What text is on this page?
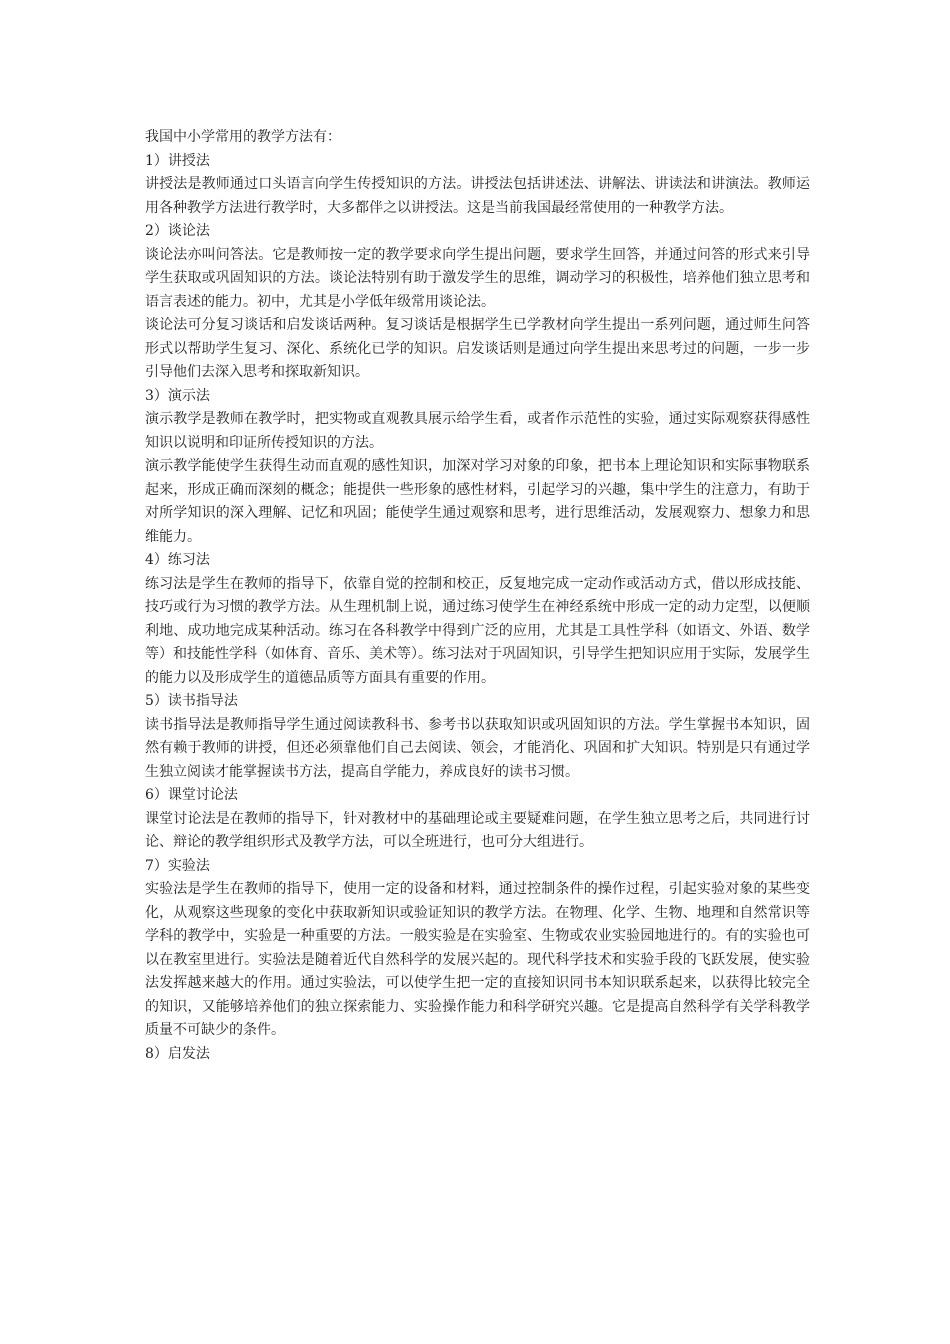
我国中小学常用的教学方法有：

1）讲授法

讲授法是教师通过口头语言向学生传授知识的方法。讲授法包括讲述法、讲解法、讲读法和讲演法。教师运用各种教学方法进行教学时，大多都伴之以讲授法。这是当前我国最经常使用的一种教学方法。

2）谈论法

谈论法亦叫问答法。它是教师按一定的教学要求向学生提出问题，要求学生回答，并通过问答的形式来引导学生获取或巩固知识的方法。谈论法特别有助于激发学生的思维，调动学习的积极性，培养他们独立思考和语言表述的能力。初中，尤其是小学低年级常用谈论法。

谈论法可分复习谈话和启发谈话两种。复习谈话是根据学生已学教材向学生提出一系列问题，通过师生问答形式以帮助学生复习、深化、系统化已学的知识。启发谈话则是通过向学生提出来思考过的问题，一步一步引导他们去深入思考和探取新知识。

3）演示法

演示教学是教师在教学时，把实物或直观教具展示给学生看，或者作示范性的实验，通过实际观察获得感性知识以说明和印证所传授知识的方法。

演示教学能使学生获得生动而直观的感性知识，加深对学习对象的印象，把书本上理论知识和实际事物联系起来，形成正确而深刻的概念；能提供一些形象的感性材料，引起学习的兴趣，集中学生的注意力，有助于对所学知识的深入理解、记忆和巩固；能使学生通过观察和思考，进行思维活动，发展观察力、想象力和思维能力。

4）练习法

练习法是学生在教师的指导下，依靠自觉的控制和校正，反复地完成一定动作或活动方式，借以形成技能、技巧或行为习惯的教学方法。从生理机制上说，通过练习使学生在神经系统中形成一定的动力定型，以便顺利地、成功地完成某种活动。练习在各科教学中得到广泛的应用，尤其是工具性学科（如语文、外语、数学等）和技能性学科（如体育、音乐、美术等）。练习法对于巩固知识，引导学生把知识应用于实际，发展学生的能力以及形成学生的道德品质等方面具有重要的作用。

5）读书指导法

读书指导法是教师指导学生通过阅读教科书、参考书以获取知识或巩固知识的方法。学生掌握书本知识，固然有赖于教师的讲授，但还必须靠他们自己去阅读、领会，才能消化、巩固和扩大知识。特别是只有通过学生独立阅读才能掌握读书方法，提高自学能力，养成良好的读书习惯。

6）课堂讨论法

课堂讨论法是在教师的指导下，针对教材中的基础理论或主要疑难问题，在学生独立思考之后，共同进行讨论、辩论的教学组织形式及教学方法，可以全班进行，也可分大组进行。

7）实验法

实验法是学生在教师的指导下，使用一定的设备和材料，通过控制条件的操作过程，引起实验对象的某些变化，从观察这些现象的变化中获取新知识或验证知识的教学方法。在物理、化学、生物、地理和自然常识等学科的教学中，实验是一种重要的方法。一般实验是在实验室、生物或农业实验园地进行的。有的实验也可以在教室里进行。实验法是随着近代自然科学的发展兴起的。现代科学技术和实验手段的飞跃发展，使实验法发挥越来越大的作用。通过实验法，可以使学生把一定的直接知识同书本知识联系起来，以获得比较完全的知识，又能够培养他们的独立探索能力、实验操作能力和科学研究兴趣。它是提高自然科学有关学科教学质量不可缺少的条件。

8）启发法
